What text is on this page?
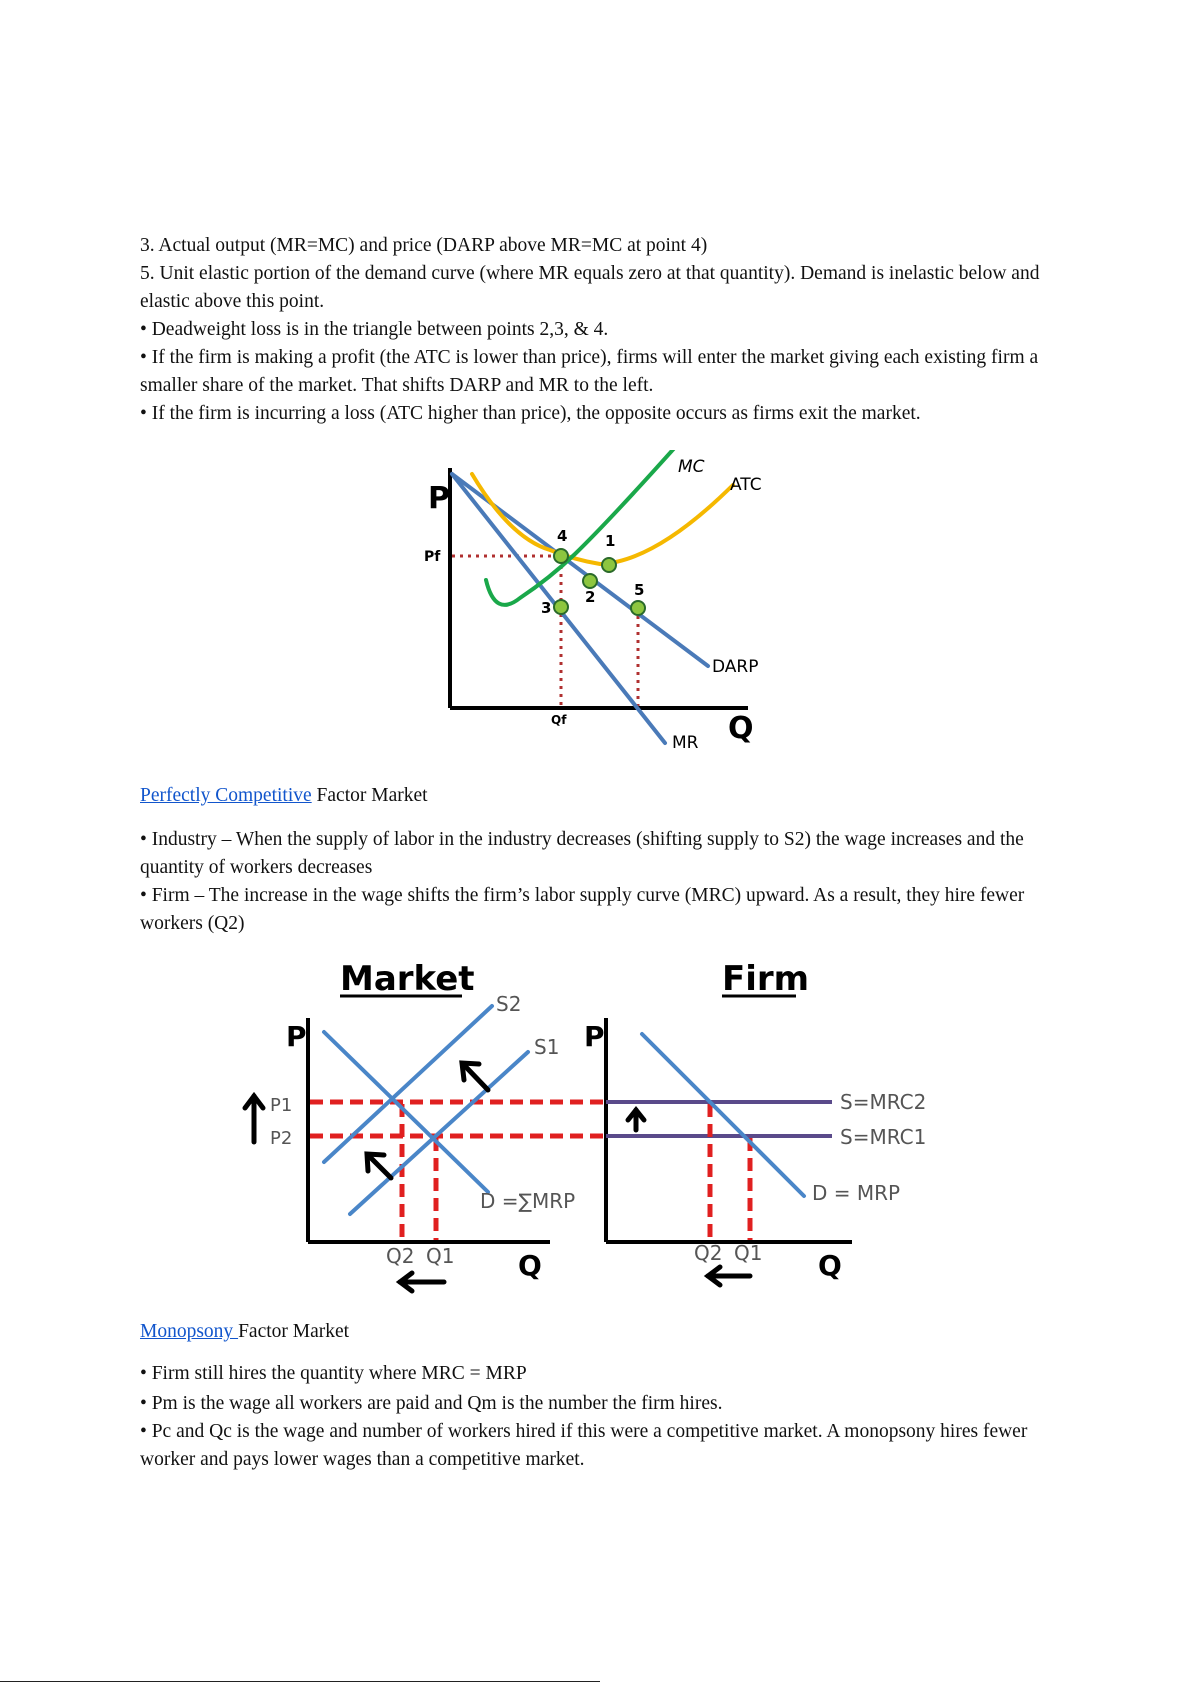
3. Actual output (MR=MC) and price (DARP above MR=MC at point 4)

5. Unit elastic portion of the demand curve (where MR equals zero at that quantity). Demand is inelastic below and elastic above this point.

• Deadweight loss is in the triangle between points 2,3, & 4.

• If the firm is making a profit (the ATC is lower than price), firms will enter the market giving each existing firm a smaller share of the market. That shifts DARP and MR to the left.

• If the firm is incurring a loss (ATC higher than price), the opposite occurs as firms exit the market.

P
Q
1
2
3
4
5
MC
ATC
DARP
MR
Pf
Qf

Perfectly Competitive Factor Market

• Industry – When the supply of labor in the industry decreases (shifting supply to S2) the wage increases and the quantity of workers decreases

• Firm – The increase in the wage shifts the firm’s labor supply curve (MRC) upward. As a result, they hire fewer workers (Q2)

Market	Firm
P
Q
P
Q
P1
P2
S2
S1
D =∑MRP
Q2 Q1
S=MRC2
S=MRC1
D = MRP
Q2 Q1

Monopsony Factor Market

• Firm still hires the quantity where MRC = MRP

• Pm is the wage all workers are paid and Qm is the number the firm hires.

• Pc and Qc is the wage and number of workers hired if this were a competitive market. A monopsony hires fewer worker and pays lower wages than a competitive market.
